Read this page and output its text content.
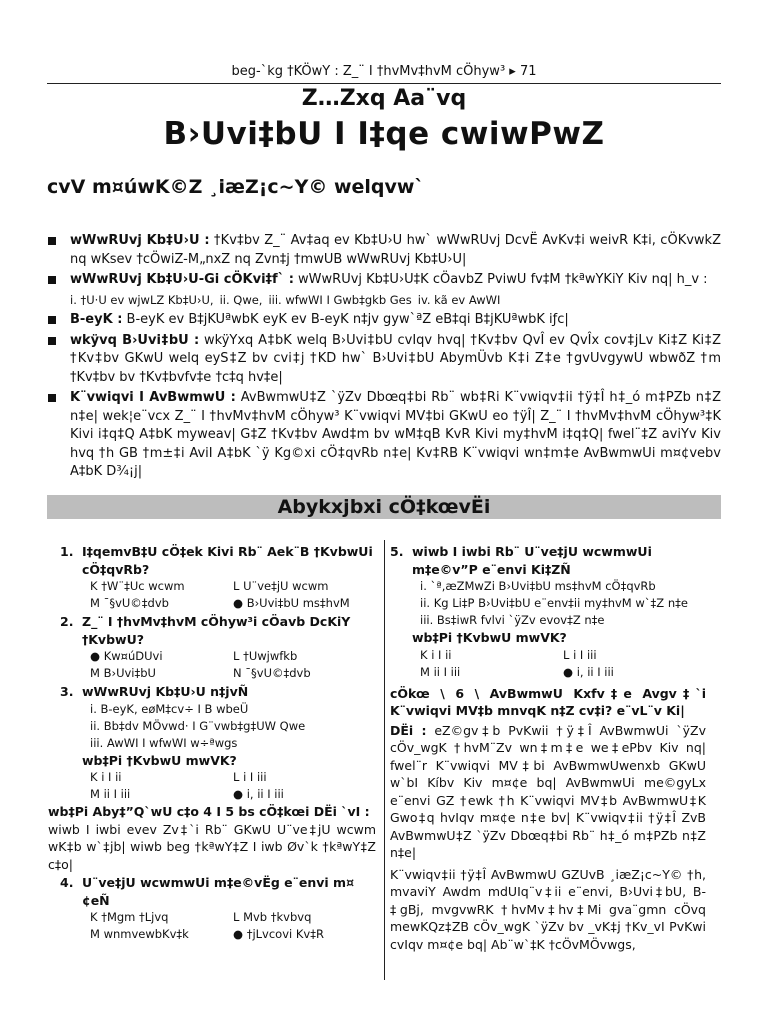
beg-`kg †KÖwY : Z_¨ I †hvMv‡hvM cÖhyw³ ▸ 71
Z…Zxq Aa¨vq
B›Uvi‡bU I I‡qe cwiwPwZ
cvV m¤úwK©Z ¸iæZ¡c~Y© welqvw`
wWwRUvj Kb‡U›U : †Kv‡bv Z_¨ Av‡aq ev Kb‡U›U hw` wWwRUvj DcvË AvKv‡i weivR K‡i, cÖKvwkZ nq wKsev †cÖwiZ-M„nxZ nq Zvn‡j †mwUB wWwRUvj Kb‡U›U|
wWwRUvj Kb‡U›U-Gi cÖKvi‡f` : wWwRUvj Kb‡U›U‡K cÖavbZ PviwU fv‡M †kªwYKiY Kiv nq| h_v :
i. †U·U ev wjwLZ Kb‡U›U, ii. Qwe, iii. wfwWI I Gwb‡gkb Ges iv. kã ev AwWI
B-eyK : B-eyK ev B‡jKUªwbK eyK ev B-eyK n‡jv gyw`ªZ eB‡qi B‡jKUªwbK iƒc|
wkÿvq B›Uvi‡bU : wkÿYxq A‡bK welq B›Uvi‡bU cvIqv hvq| †Kv‡bv QvÎ ev QvÎx cov‡jLv Ki‡Z Ki‡Z †Kv‡bv GKwU welq eyS‡Z bv cvi‡j †KD hw` B›Uvi‡bU AbymÜvb K‡i Z‡e †gvUvgywU wbwðZ †m †Kv‡bv bv †Kv‡bvfv‡e †c‡q hv‡e|
K¨vwiqvi I AvBwmwU : AvBwmwU‡Z `ÿZv Dbœq‡bi Rb¨ wb‡Ri K¨vwiqv‡ii †ÿ‡Î h‡_ó m‡PZb n‡Z n‡e| wek¦e¨vcx Z_¨ I †hvMv‡hvM cÖhyw³ K¨vwiqvi MV‡bi GKwU eo †ÿÎ| Z_¨ I †hvMv‡hvM cÖhyw³‡K Kivi i‡q‡Q A‡bK myweav| G‡Z †Kv‡bv Awd‡m bv wM‡qB KvR Kivi my‡hvM i‡q‡Q| fwel¨‡Z aviYv Kiv hvq †h GB †m±‡i AviI A‡bK `ÿ Kg©xi cÖ‡qvRb n‡e| Kv‡RB K¨vwiqvi wn‡m‡e AvBwmwUi m¤¢vebv A‡bK D¾¡j|
Abykxjbxi cÖ‡kœvËi
1. I‡qemvB‡U cÖ‡ek Kivi Rb¨ Aek¨B †KvbwUi cÖ‡qvRb?
K †W¨‡Uc wcwm	L U¨ve‡jU wcwm
M ¯§vU©‡dvb	● B›Uvi‡bU ms‡hvM
2. Z_¨ I †hvMv‡hvM cÖhyw³i cÖavb DcKiY †KvbwU?
● Kw¤úDUvi	L †Uwjwfkb
M B›Uvi‡bU	N ¯§vU©‡dvb
3. wWwRUvj Kb‡U›U n‡jvÑ
i. B-eyK, eøM‡cv÷ I B wbeÜ
ii. Bb‡dv MÖvwd· I G¨vwb‡g‡UW Qwe
iii. AwWI I wfwWI w÷ªwgs
wb‡Pi †KvbwU mwVK?
K i I ii	L i I iii
M ii I iii	● i, ii I iii
wb‡Pi Aby‡”Q`wU c‡o 4 I 5 bs cÖ‡kœi DËi `vI :
wiwb I iwbi evev Zv‡`i Rb¨ GKwU U¨ve‡jU wcwm wK‡b w`‡jb| wiwb beg †kªwY‡Z I iwb Øv`k †kªwY‡Z c‡o|
4. U¨ve‡jU wcwmwUi m‡e©vËg e¨envi m¤¢eÑ
K †Mgm †Ljvq	L Mvb †kvbvq
M wnmvewbKv‡k	● †jLvcovi Kv‡R
5. wiwb I iwbi Rb¨ U¨ve‡jU wcwmwUi m‡e©v”P e¨envi Ki‡ZÑ
i. `ª‚æZMwZi B›Uvi‡bU ms‡hvM cÖ‡qvRb
ii. Kg Li‡P B›Uvi‡bU e¨env‡ii my‡hvM w`‡Z n‡e
iii. Bs‡iwR fvlvi `ÿZv evov‡Z n‡e
wb‡Pi †KvbwU mwVK?
K i I ii	L i I iii
M ii I iii	● i, ii I iii
cÖkœ \ 6 \ AvBwmwU Kxfv‡e Avgv‡`i K¨vwiqvi MV‡b mnvqK n‡Z cv‡i? e¨vL¨v Ki|
DËi : eZ©gv‡b PvKwii †ÿ‡Î AvBwmwUi `ÿZv cÖv_wgK †hvM¨Zv wn‡m‡e we‡ePbv Kiv nq| fwel¨r K¨vwiqvi MV‡bi AvBwmwUwenxb GKwU w`bI Kíbv Kiv m¤¢e bq| AvBwmwUi me©gyLx e¨envi GZ †ewk †h K¨vwiqvi MV‡b AvBwmwU‡K Gwo‡q hvIqv m¤¢e n‡e bv| K¨vwiqv‡ii †ÿ‡Î ZvB AvBwmwU‡Z `ÿZv Dbœq‡bi Rb¨ h‡_ó m‡PZb n‡Z n‡e|
K¨vwiqv‡ii †ÿ‡Î AvBwmwU GZUvB ¸iæZ¡c~Y© †h, mvaviY Awdm mdUIq¨v‡ii e¨envi, B›Uvi‡bU, B-‡gBj, mvgvwRK †hvMv‡hv‡Mi gva¨gmn cÖvq mewKQz‡ZB cÖv_wgK `ÿZv bv _vK‡j †Kv_vI PvKwi cvIqv m¤¢e bq| Ab¨w`‡K †cÖvMÖvwgs,
